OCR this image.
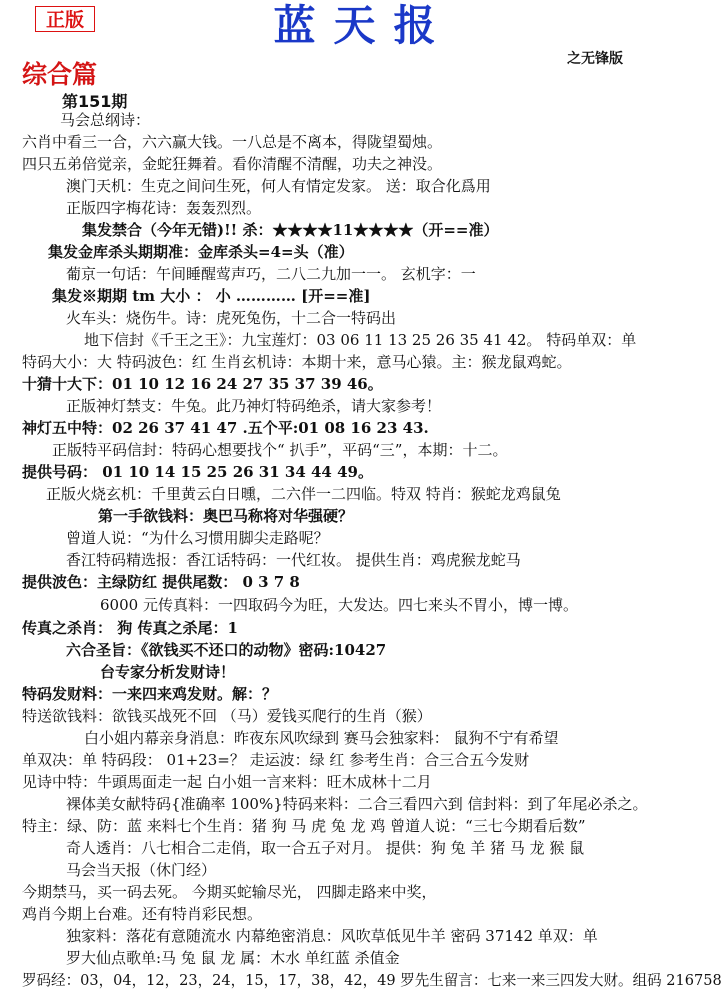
正版	蓝天报
之无锋版
综合篇
第151期
马会总纲诗：
六肖中看三一合，六六赢大钱。一八总是不离本，得陇望蜀烛。
四只五弟倍觉亲，金蛇狂舞着。看你清醒不清醒，功夫之神没。
澳门天机：生克之间问生死，何人有情定发家。 送：取合化爲用
正版四字梅花诗：轰轰烈烈。
集发禁合（今年无错)!! 杀：★★★★11★★★★（开==准）
集发金库杀头期期准：金库杀头=4=头（准）
葡京一句话：午间睡醒莺声巧，二八二九加一一。 玄机字：一
集发※期期 tm 大小 ： 小 ………… [开==准]
火车头：烧伤牛。诗：虎死兔伤，十二合一特码出
地下信封《千王之王》：九宝莲灯：03 06 11 13 25 26 35 41 42。 特码单双：单
特码大小：大 特码波色：红 生肖玄机诗：本期十来，意马心猿。主：猴龙鼠鸡蛇。
十猜十大下：01 10 12 16 24 27 35 37 39 46。
正版神灯禁支：牛兔。此乃神灯特码绝杀，请大家参考！
神灯五中特：02 26 37 41 47 .五个平:01 08 16 23 43.
正版特平码信封：特码心想要找个“ 扒手”，平码“三”，本期：十二。
提供号码： 01 10 14 15 25 26 31 34 44 49。
正版火烧玄机：千里黄云白日曛，二六伴一二四临。特双 特肖：猴蛇龙鸡鼠兔
第一手欲钱料：奥巴马称将对华强硬？
曾道人说：“为什么习惯用脚尖走路呢？
香江特码精选报：香江话特码：一代红妆。 提供生肖：鸡虎猴龙蛇马
提供波色：主绿防红 提供尾数： 0 3 7 8
6000 元传真料：一四取码今为旺，大发达。四七来头不胃小，博一博。
传真之杀肖： 狗 传真之杀尾：1
六合圣旨：《欲钱买不还口的动物》密码:10427
台专家分析发财诗！
特码发财料：一来四来鸡发财。解：？
特送欲钱料：欲钱买战死不回 （马）爱钱买爬行的生肖（猴）
白小姐内幕亲身消息：昨夜东风吹绿到 赛马会独家料： 鼠狗不宁有希望
单双决：单 特码段： 01+23=？ 走运波：绿 红 参考生肖：合三合五今发财
见诗中特：牛頭馬面走一起 白小姐一言来料：旺木成林十二月
裸体美女献特码{准确率 100%}特码来料：二合三看四六到 信封料：到了年尾必杀之。
特主：绿、防：蓝 来料七个生肖：猪 狗 马 虎 兔 龙 鸡 曾道人说：“三七今期看后数”
奇人透肖：八七相合二走俏，取一合五子对月。 提供：狗 兔 羊 猪 马 龙 猴 鼠
马会当天报（休门经）
今期禁马，买一码去死。 今期买蛇输尽光， 四脚走路来中奖，
鸡肖今期上台难。还有特肖彩民想。
独家料：落花有意随流水 内幕绝密消息：风吹草低见牛羊 密码 37142 单双：单
罗大仙点歌单:马 兔 鼠 龙 属：木水 单红蓝 杀值金
罗码经：03，04，12，23，24，15，17，38，42，49 罗先生留言：七来一来三四发大财。组码 216758
